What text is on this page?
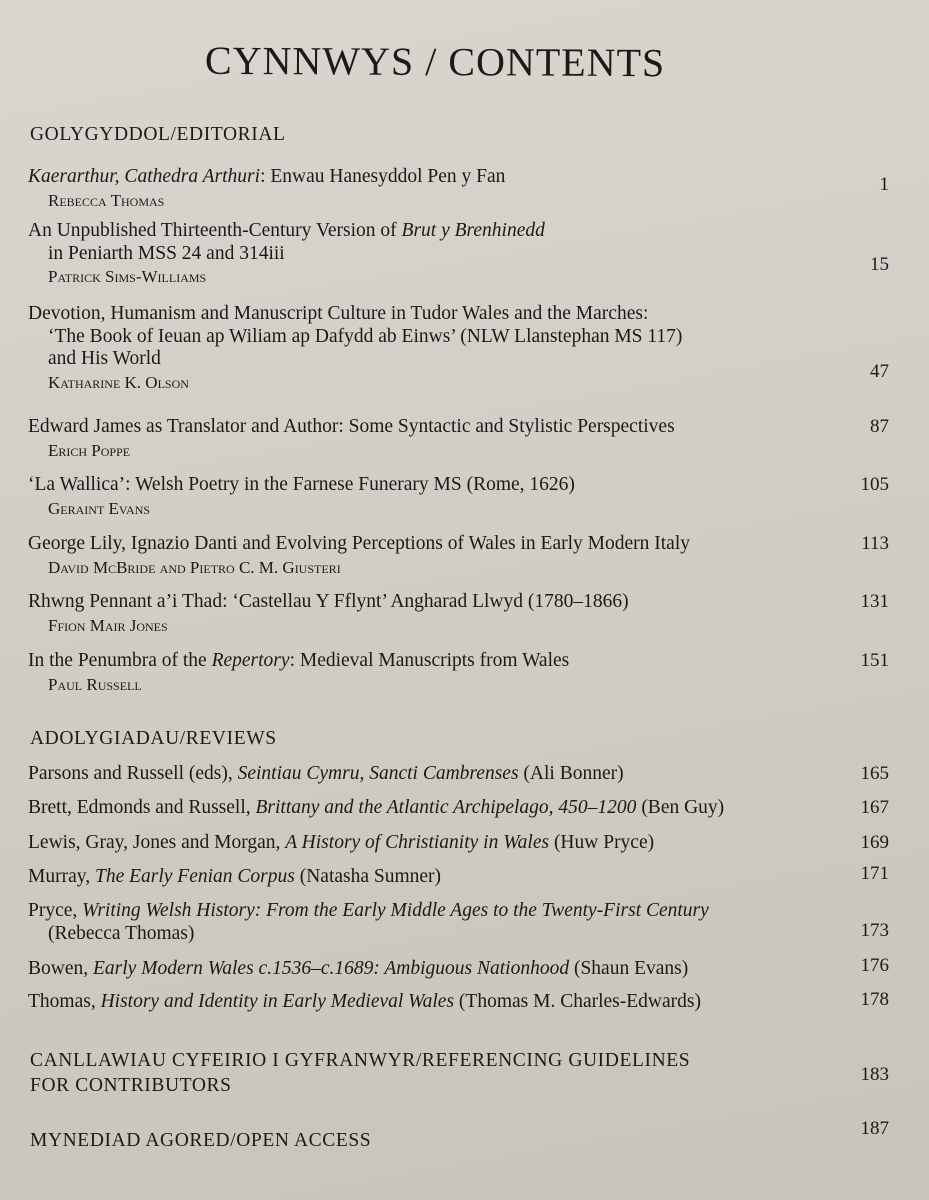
CYNNWYS / CONTENTS
GOLYGYDDOL/EDITORIAL
Kaerarthur, Cathedra Arthuri: Enwau Hanesyddol Pen y Fan
Rebecca Thomas
1
An Unpublished Thirteenth-Century Version of Brut y Brenhinedd
in Peniarth MSS 24 and 314iii
Patrick Sims-Williams
15
Devotion, Humanism and Manuscript Culture in Tudor Wales and the Marches:
‘The Book of Ieuan ap Wiliam ap Dafydd ab Einws’ (NLW Llanstephan MS 117)
and His World
Katharine K. Olson	47
Edward James as Translator and Author: Some Syntactic and Stylistic Perspectives
Erich Poppe
87
‘La Wallica’: Welsh Poetry in the Farnese Funerary MS (Rome, 1626)
Geraint Evans
105
George Lily, Ignazio Danti and Evolving Perceptions of Wales in Early Modern Italy
David McBride and Pietro C. M. Giusteri
113
Rhwng Pennant a’i Thad: ‘Castellau Y Fflynt’ Angharad Llwyd (1780–1866)
Ffion Mair Jones
131
In the Penumbra of the Repertory: Medieval Manuscripts from Wales
Paul Russell
151
ADOLYGIADAU/REVIEWS
Parsons and Russell (eds), Seintiau Cymru, Sancti Cambrenses (Ali Bonner)	165
Brett, Edmonds and Russell, Brittany and the Atlantic Archipelago, 450–1200 (Ben Guy)	167
Lewis, Gray, Jones and Morgan, A History of Christianity in Wales (Huw Pryce)	169
Murray, The Early Fenian Corpus (Natasha Sumner)	171
Pryce, Writing Welsh History: From the Early Middle Ages to the Twenty-First Century
(Rebecca Thomas)	173
Bowen, Early Modern Wales c.1536–c.1689: Ambiguous Nationhood (Shaun Evans)	176
Thomas, History and Identity in Early Medieval Wales (Thomas M. Charles-Edwards)	178
CANLLAWIAU CYFEIRIO I GYFRANWYR/REFERENCING GUIDELINES
FOR CONTRIBUTORS
183
MYNEDIAD AGORED/OPEN ACCESS
187
